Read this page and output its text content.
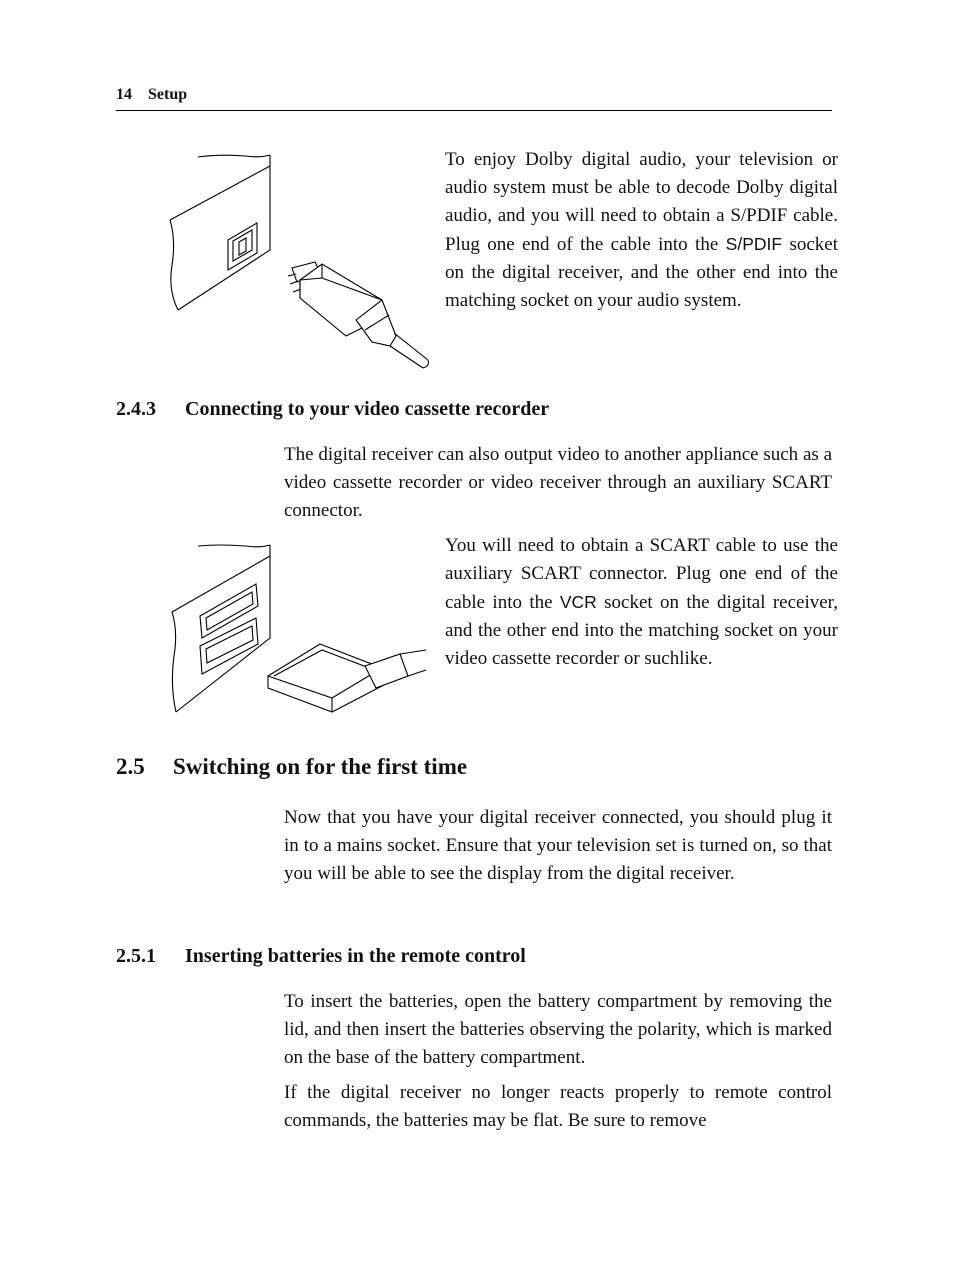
14 Setup

To enjoy Dolby digital audio, your television or audio system must be able to decode Dolby digital audio, and you will need to obtain a S/PDIF cable. Plug one end of the cable into the S/PDIF socket on the digital receiver, and the other end into the matching socket on your audio system.

2.4.3 Connecting to your video cassette recorder

The digital receiver can also output video to another appliance such as a video cassette recorder or video receiver through an auxiliary SCART connector.

You will need to obtain a SCART cable to use the auxiliary SCART connector. Plug one end of the cable into the VCR socket on the digital receiver, and the other end into the matching socket on your video cassette recorder or suchlike.

2.5 Switching on for the first time

Now that you have your digital receiver connected, you should plug it in to a mains socket. Ensure that your television set is turned on, so that you will be able to see the display from the digital receiver.

2.5.1 Inserting batteries in the remote control

To insert the batteries, open the battery compartment by removing the lid, and then insert the batteries observing the polarity, which is marked on the base of the battery compartment.

If the digital receiver no longer reacts properly to remote control commands, the batteries may be flat. Be sure to remove
